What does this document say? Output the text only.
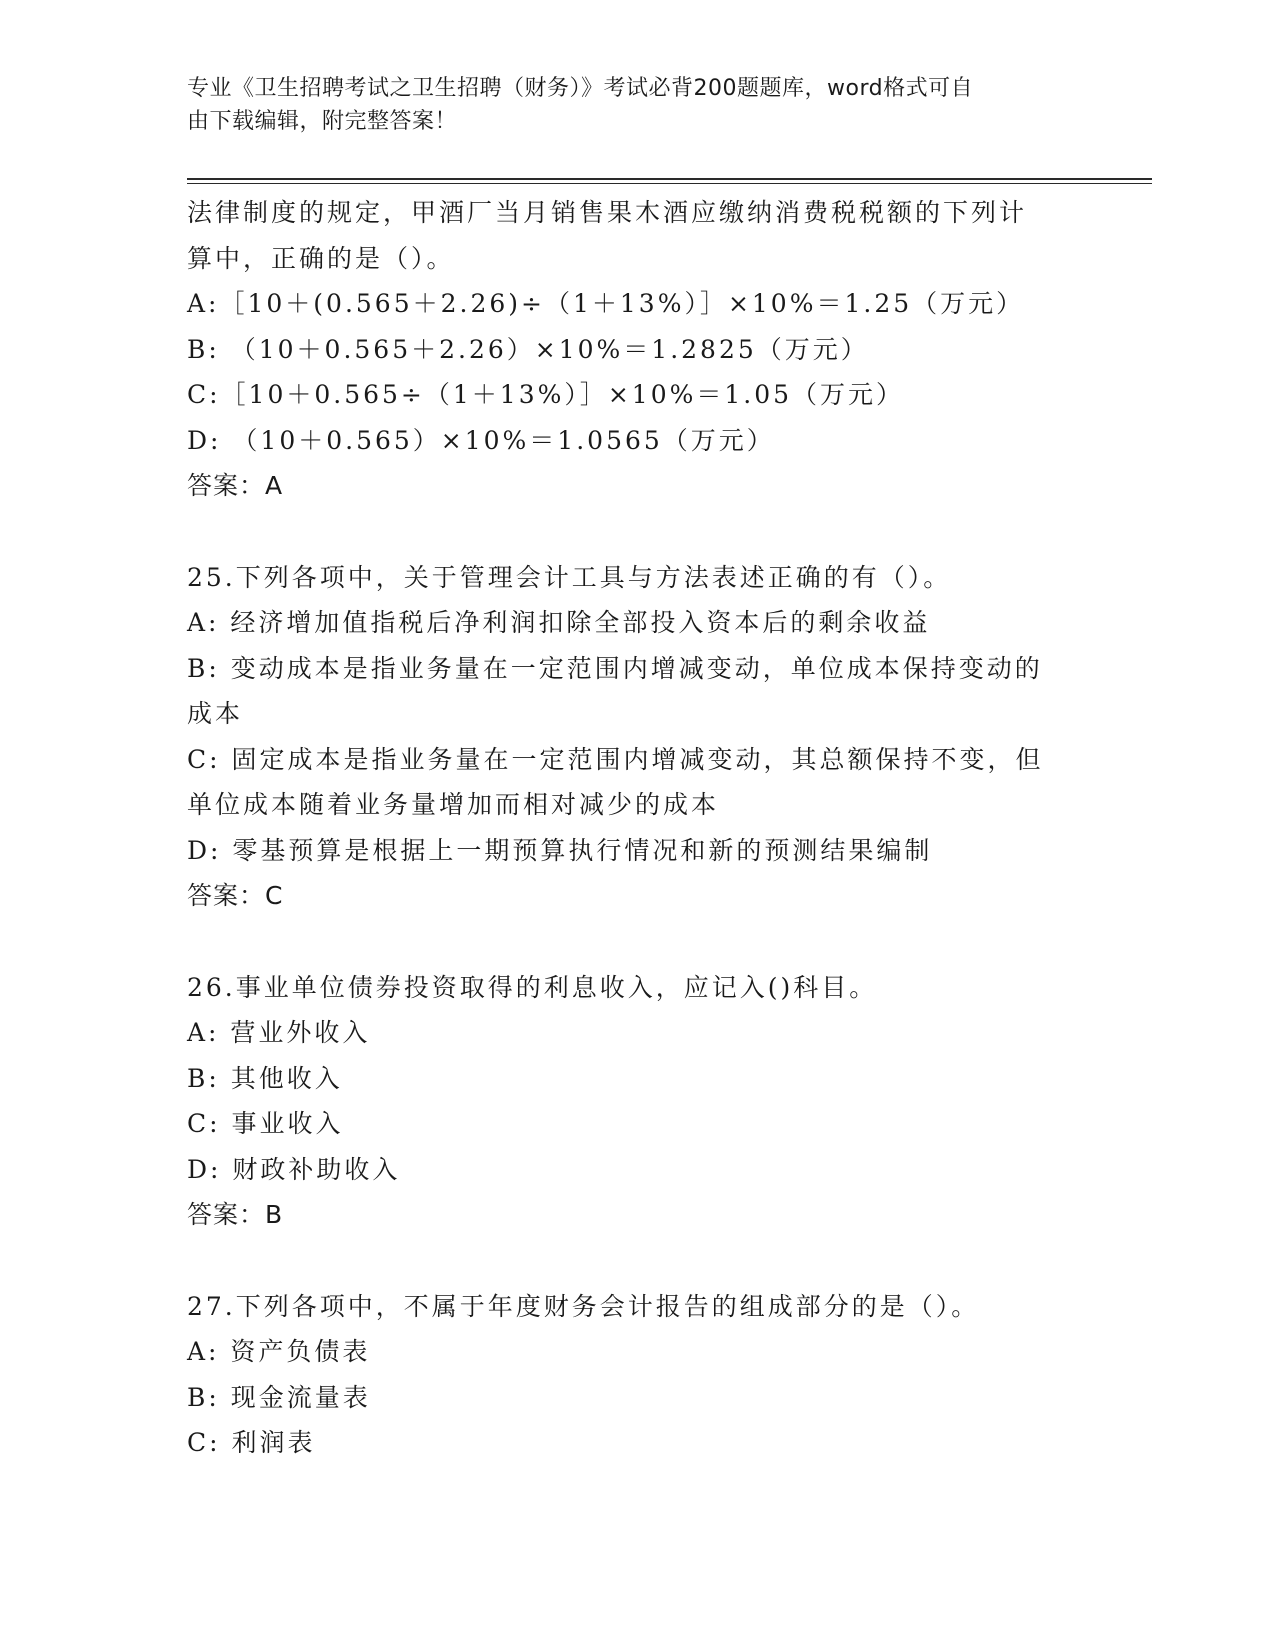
专业《卫生招聘考试之卫生招聘（财务）》考试必背200题题库，word格式可自
由下载编辑，附完整答案！
法律制度的规定，甲酒厂当月销售果木酒应缴纳消费税税额的下列计
算中，正确的是（）。
A:［10＋(0.565＋2.26)÷（1＋13%）］×10%＝1.25（万元）
B: （10＋0.565＋2.26）×10%＝1.2825（万元）
C:［10＋0.565÷（1＋13%）］×10%＝1.05（万元）
D: （10＋0.565）×10%＝1.0565（万元）
答案：A
25.下列各项中，关于管理会计工具与方法表述正确的有（）。
A: 经济增加值指税后净利润扣除全部投入资本后的剩余收益
B: 变动成本是指业务量在一定范围内增减变动，单位成本保持变动的
成本
C: 固定成本是指业务量在一定范围内增减变动，其总额保持不变，但
单位成本随着业务量增加而相对减少的成本
D: 零基预算是根据上一期预算执行情况和新的预测结果编制
答案：C
26.事业单位债券投资取得的利息收入，应记入()科目。
A: 营业外收入
B: 其他收入
C: 事业收入
D: 财政补助收入
答案：B
27.下列各项中，不属于年度财务会计报告的组成部分的是（）。
A: 资产负债表
B: 现金流量表
C: 利润表
